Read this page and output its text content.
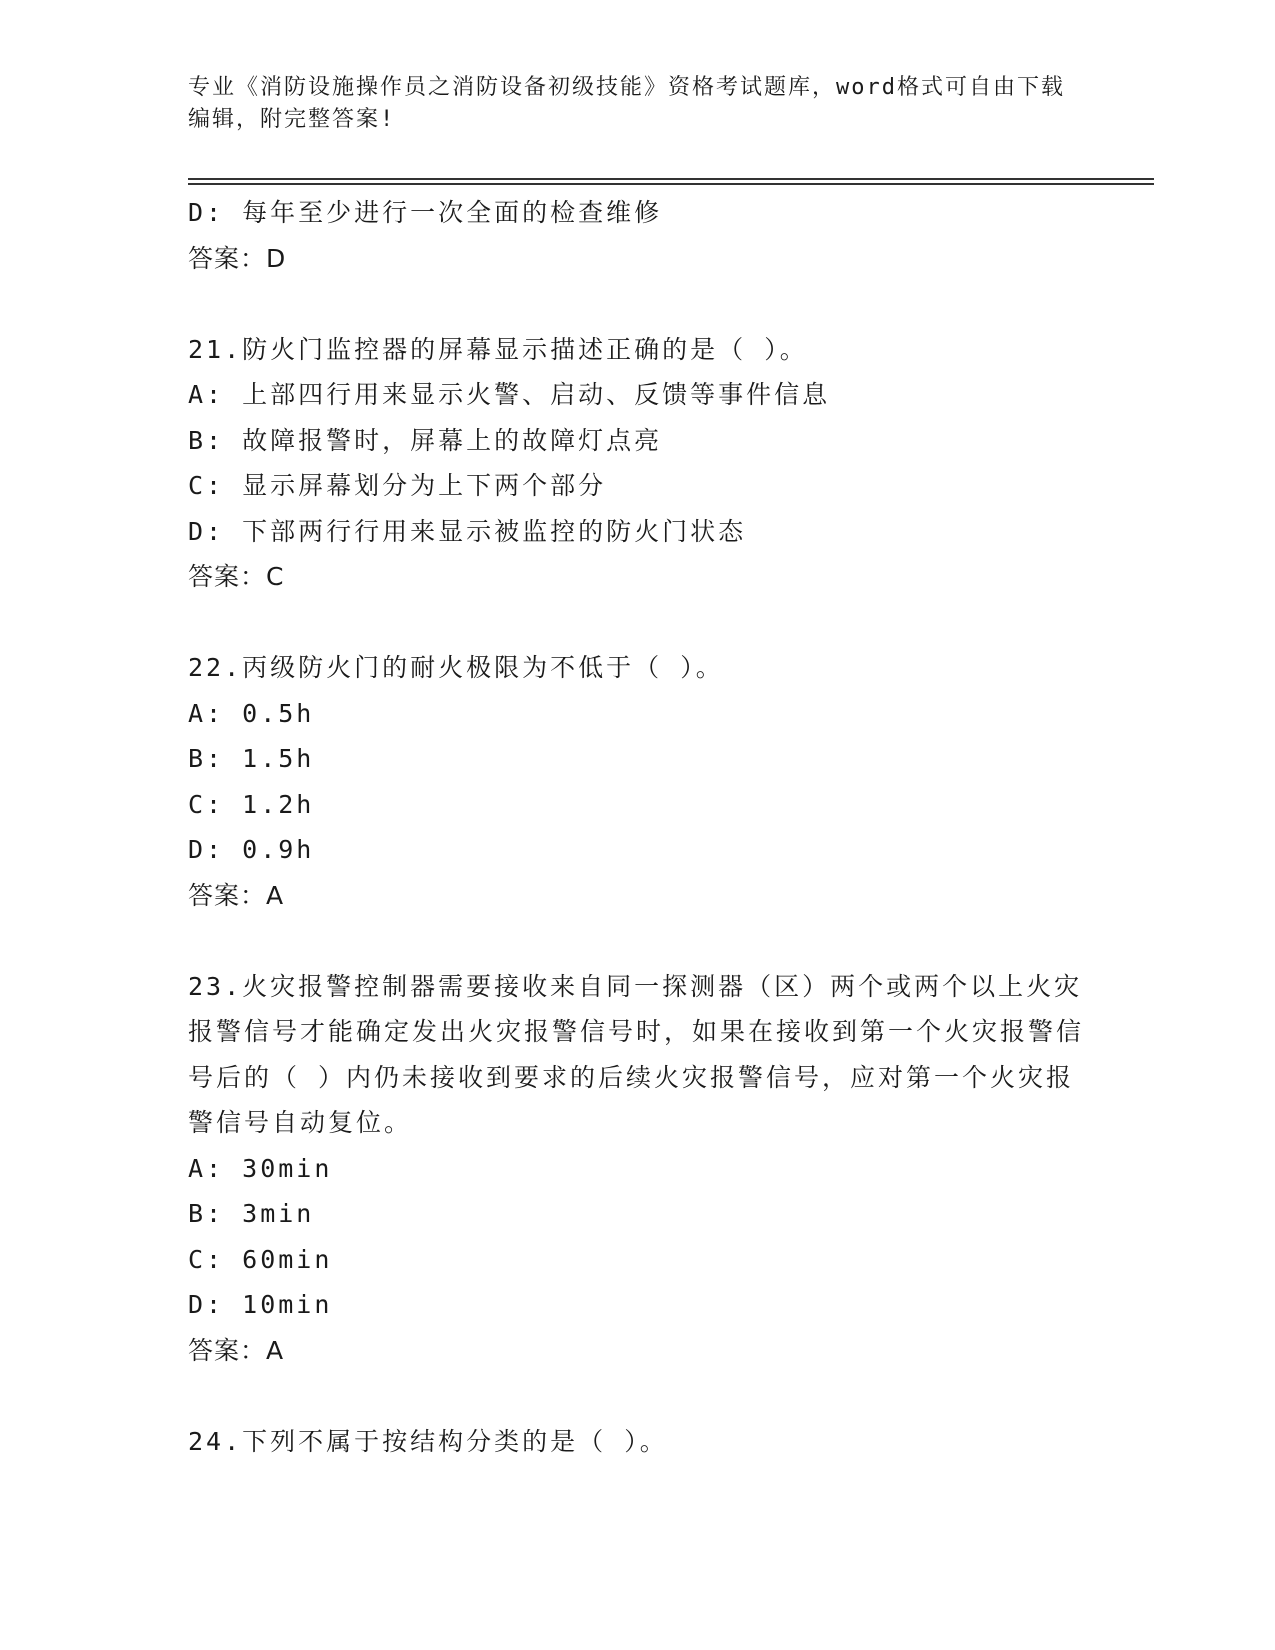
专业《消防设施操作员之消防设备初级技能》资格考试题库，word格式可自由下载编辑，附完整答案!
D: 每年至少进行一次全面的检查维修
答案：D
21.防火门监控器的屏幕显示描述正确的是（ ）。
A: 上部四行用来显示火警、启动、反馈等事件信息
B: 故障报警时，屏幕上的故障灯点亮
C: 显示屏幕划分为上下两个部分
D: 下部两行行用来显示被监控的防火门状态
答案：C
22.丙级防火门的耐火极限为不低于（ ）。
A: 0.5h
B: 1.5h
C: 1.2h
D: 0.9h
答案：A
23.火灾报警控制器需要接收来自同一探测器（区）两个或两个以上火灾报警信号才能确定发出火灾报警信号时，如果在接收到第一个火灾报警信号后的（ ）内仍未接收到要求的后续火灾报警信号，应对第一个火灾报警信号自动复位。
A: 30min
B: 3min
C: 60min
D: 10min
答案：A
24.下列不属于按结构分类的是（ ）。
